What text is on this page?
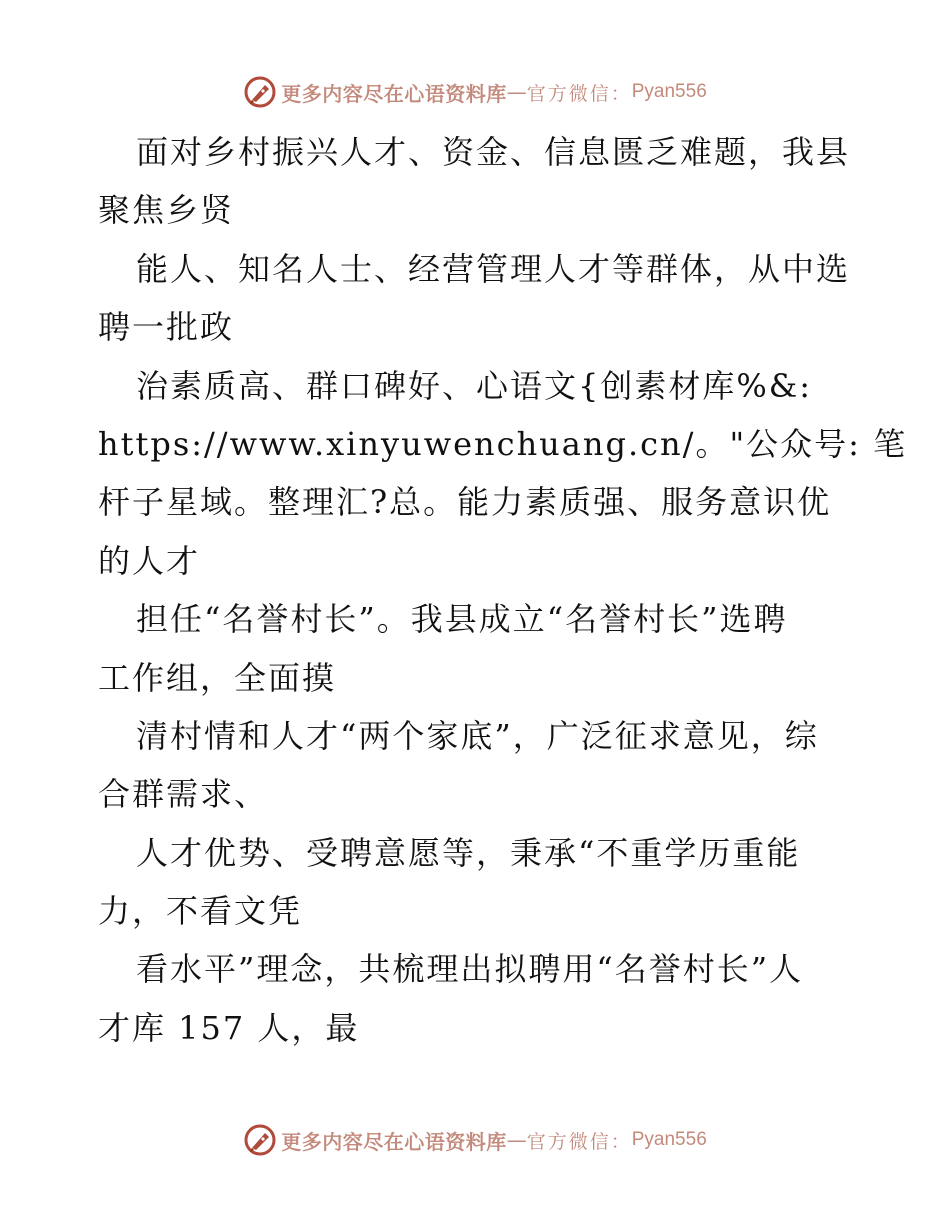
更多内容尽在心语资料库 — 官方微信： Pyan556
面对乡村振兴人才、资金、信息匮乏难题，我县
聚焦乡贤
能人、知名人士、经营管理人才等群体，从中选
聘一批政
治素质高、群口碑好、心语文{创素材库%&:
https://www.xinyuwenchuang.cn/。"公众号: 笔
杆子星域。整理汇?总。能力素质强、服务意识优
的人才
担任“名誉村长”。我县成立“名誉村长”选聘
工作组，全面摸
清村情和人才“两个家底”，广泛征求意见，综
合群需求、
人才优势、受聘意愿等，秉承“不重学历重能
力，不看文凭
看水平”理念，共梳理出拟聘用“名誉村长”人
才库 157 人，最
更多内容尽在心语资料库 — 官方微信： Pyan556
